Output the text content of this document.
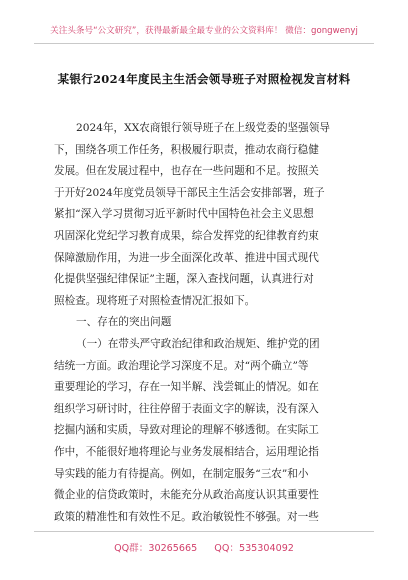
关注头条号“公文研究”，获得最新最全最专业的公文资料库！ 微信：gongwenyj
某银行2024年度民主生活会领导班子对照检视发言材料
2024年，XX农商银行领导班子在上级党委的坚强领导
下，围绕各项工作任务，积极履行职责，推动农商行稳健
发展。但在发展过程中，也存在一些问题和不足。按照关
于开好2024年度党员领导干部民主生活会安排部署，班子
紧扣“深入学习贯彻习近平新时代中国特色社会主义思想
巩固深化党纪学习教育成果，综合发挥党的纪律教育约束
保障激励作用，为进一步全面深化改革、推进中国式现代
化提供坚强纪律保证”主题，深入查找问题，认真进行对
照检查。现将班子对照检查情况汇报如下。
一、存在的突出问题
（一）在带头严守政治纪律和政治规矩、维护党的团
结统一方面。政治理论学习深度不足。对“两个确立”等
重要理论的学习，存在一知半解、浅尝辄止的情况。如在
组织学习研讨时，往往停留于表面文字的解读，没有深入
挖掘内涵和实质，导致对理论的理解不够透彻。在实际工
作中，不能很好地将理论与业务发展相结合，运用理论指
导实践的能力有待提高。例如，在制定服务“三农”和小
微企业的信贷政策时，未能充分从政治高度认识其重要性
政策的精准性和有效性不足。政治敏锐性不够强。对一些
QQ群：30265665 QQ：535304092
